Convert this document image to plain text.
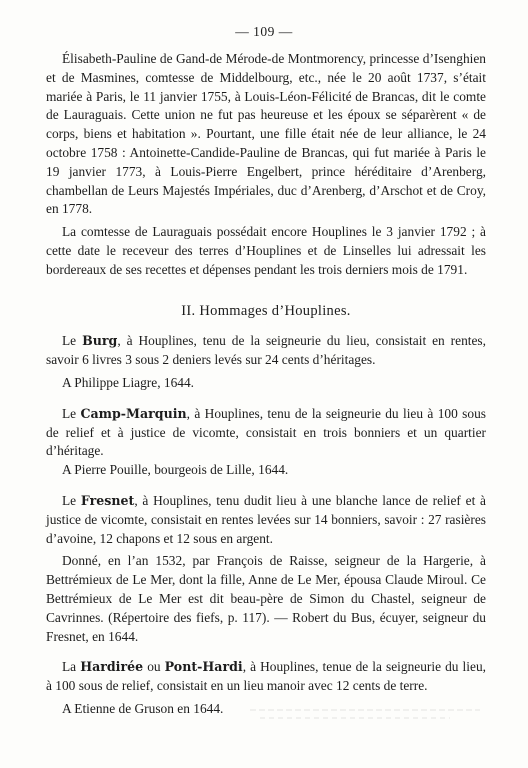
— 109 —

Élisabeth-Pauline de Gand-de Mérode-de Montmorency, princesse d’Isenghien et de Masmines, comtesse de Middelbourg, etc., née le 20 août 1737, s’était mariée à Paris, le 11 janvier 1755, à Louis-Léon-Félicité de Brancas, dit le comte de Lauraguais. Cette union ne fut pas heureuse et les époux se séparèrent « de corps, biens et habitation ». Pourtant, une fille était née de leur alliance, le 24 octobre 1758 : Antoinette-Candide-Pauline de Brancas, qui fut mariée à Paris le 19 janvier 1773, à Louis-Pierre Engelbert, prince héréditaire d’Arenberg, chambellan de Leurs Majestés Impériales, duc d’Arenberg, d’Arschot et de Croy, en 1778.

La comtesse de Lauraguais possédait encore Houplines le 3 janvier 1792 ; à cette date le receveur des terres d’Houplines et de Linselles lui adressait les bordereaux de ses recettes et dépenses pendant les trois derniers mois de 1791.

II. Hommages d’Houplines.

Le Burg, à Houplines, tenu de la seigneurie du lieu, consistait en rentes, savoir 6 livres 3 sous 2 deniers levés sur 24 cents d’héritages.

A Philippe Liagre, 1644.

Le Camp-Marquin, à Houplines, tenu de la seigneurie du lieu à 100 sous de relief et à justice de vicomte, consistait en trois bonniers et un quartier d’héritage.

A Pierre Pouille, bourgeois de Lille, 1644.

Le Fresnet, à Houplines, tenu dudit lieu à une blanche lance de relief et à justice de vicomte, consistait en rentes levées sur 14 bonniers, savoir : 27 rasières d’avoine, 12 chapons et 12 sous en argent.

Donné, en l’an 1532, par François de Raisse, seigneur de la Hargerie, à Bettrémieux de Le Mer, dont la fille, Anne de Le Mer, épousa Claude Miroul. Ce Bettrémieux de Le Mer est dit beau-père de Simon du Chastel, seigneur de Cavrinnes. (Répertoire des fiefs, p. 117). — Robert du Bus, écuyer, seigneur du Fresnet, en 1644.

La Hardirée ou Pont-Hardi, à Houplines, tenue de la seigneurie du lieu, à 100 sous de relief, consistait en un lieu manoir avec 12 cents de terre.

A Etienne de Gruson en 1644.
